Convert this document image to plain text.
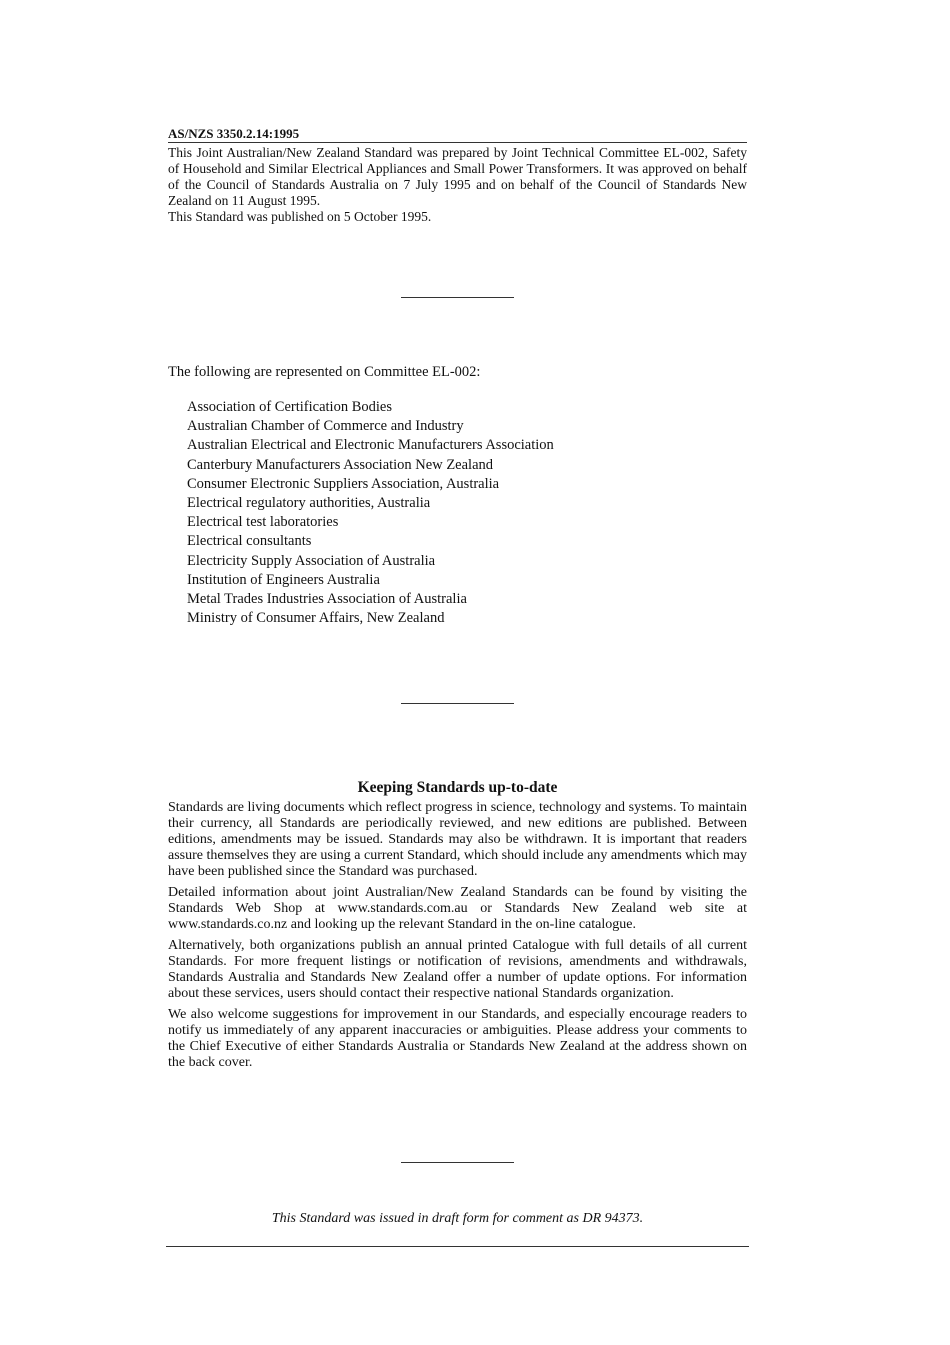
AS/NZS 3350.2.14:1995

This Joint Australian/New Zealand Standard was prepared by Joint Technical Committee EL-002, Safety of Household and Similar Electrical Appliances and Small Power Transformers. It was approved on behalf of the Council of Standards Australia on 7 July 1995 and on behalf of the Council of Standards New Zealand on 11 August 1995.

This Standard was published on 5 October 1995.

The following are represented on Committee EL-002:
Association of Certification Bodies
Australian Chamber of Commerce and Industry
Australian Electrical and Electronic Manufacturers Association
Canterbury Manufacturers Association New Zealand
Consumer Electronic Suppliers Association, Australia
Electrical regulatory authorities, Australia
Electrical test laboratories
Electrical consultants
Electricity Supply Association of Australia
Institution of Engineers Australia
Metal Trades Industries Association of Australia
Ministry of Consumer Affairs, New Zealand
Keeping Standards up-to-date

Standards are living documents which reflect progress in science, technology and systems. To maintain their currency, all Standards are periodically reviewed, and new editions are published. Between editions, amendments may be issued. Standards may also be withdrawn. It is important that readers assure themselves they are using a current Standard, which should include any amendments which may have been published since the Standard was purchased.

Detailed information about joint Australian/New Zealand Standards can be found by visiting the Standards Web Shop at www.standards.com.au or Standards New Zealand web site at www.standards.co.nz and looking up the relevant Standard in the on-line catalogue.

Alternatively, both organizations publish an annual printed Catalogue with full details of all current Standards. For more frequent listings or notification of revisions, amendments and withdrawals, Standards Australia and Standards New Zealand offer a number of update options. For information about these services, users should contact their respective national Standards organization.

We also welcome suggestions for improvement in our Standards, and especially encourage readers to notify us immediately of any apparent inaccuracies or ambiguities. Please address your comments to the Chief Executive of either Standards Australia or Standards New Zealand at the address shown on the back cover.

This Standard was issued in draft form for comment as DR 94373.
